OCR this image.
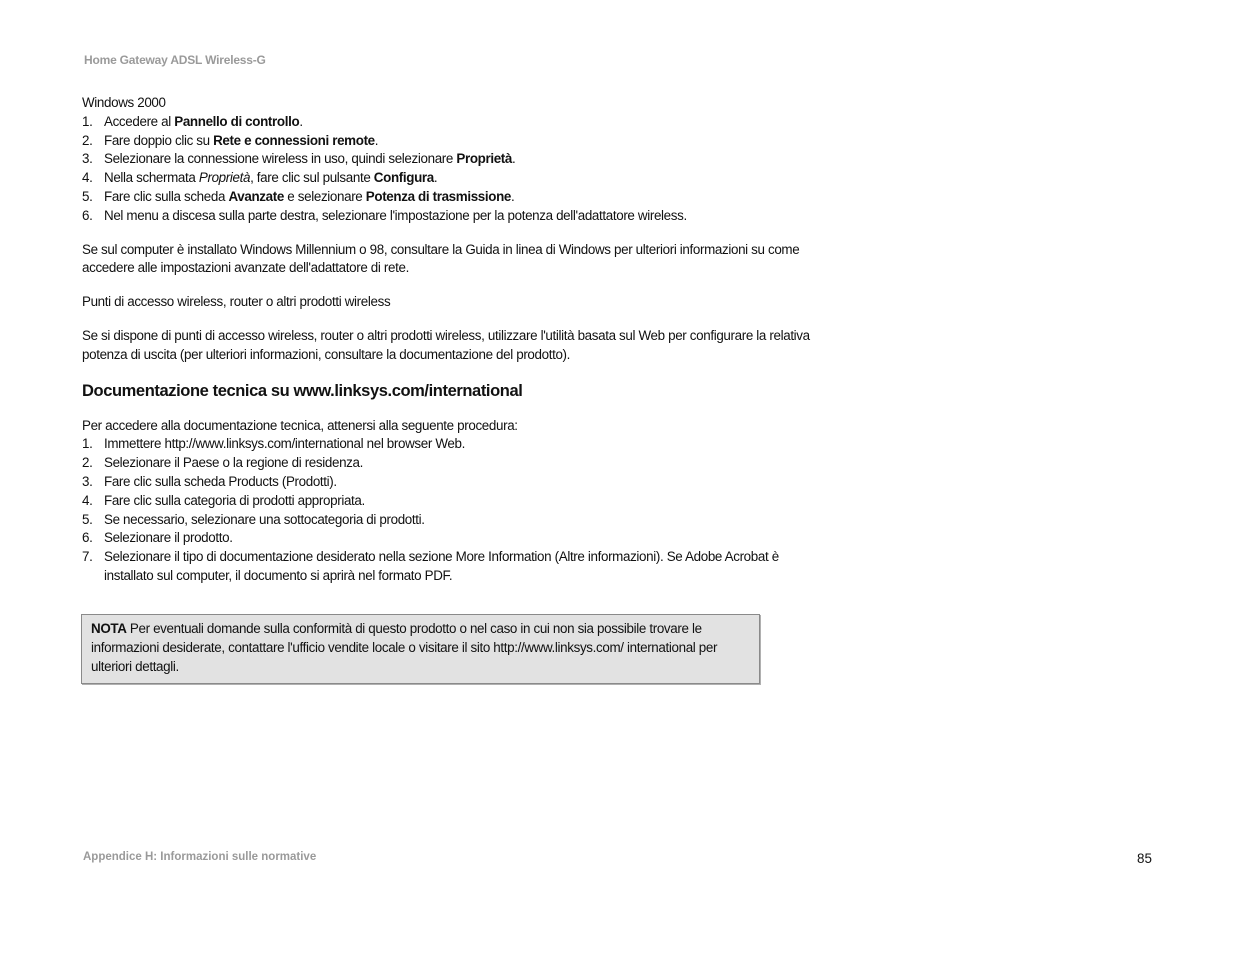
Home Gateway ADSL Wireless-G

Windows 2000

1. Accedere al Pannello di controllo.
2. Fare doppio clic su Rete e connessioni remote.
3. Selezionare la connessione wireless in uso, quindi selezionare Proprietà.
4. Nella schermata Proprietà, fare clic sul pulsante Configura.
5. Fare clic sulla scheda Avanzate e selezionare Potenza di trasmissione.
6. Nel menu a discesa sulla parte destra, selezionare l'impostazione per la potenza dell'adattatore wireless.

Se sul computer è installato Windows Millennium o 98, consultare la Guida in linea di Windows per ulteriori informazioni su come accedere alle impostazioni avanzate dell'adattatore di rete.

Punti di accesso wireless, router o altri prodotti wireless

Se si dispone di punti di accesso wireless, router o altri prodotti wireless, utilizzare l'utilità basata sul Web per configurare la relativa potenza di uscita (per ulteriori informazioni, consultare la documentazione del prodotto).

Documentazione tecnica su www.linksys.com/international

Per accedere alla documentazione tecnica, attenersi alla seguente procedura:

1. Immettere http://www.linksys.com/international nel browser Web.
2. Selezionare il Paese o la regione di residenza.
3. Fare clic sulla scheda Products (Prodotti).
4. Fare clic sulla categoria di prodotti appropriata.
5. Se necessario, selezionare una sottocategoria di prodotti.
6. Selezionare il prodotto.
7. Selezionare il tipo di documentazione desiderato nella sezione More Information (Altre informazioni). Se Adobe Acrobat è installato sul computer, il documento si aprirà nel formato PDF.
NOTA Per eventuali domande sulla conformità di questo prodotto o nel caso in cui non sia possibile trovare le informazioni desiderate, contattare l'ufficio vendite locale o visitare il sito http://www.linksys.com/ international per ulteriori dettagli.
Appendice H: Informazioni sulle normative	85
